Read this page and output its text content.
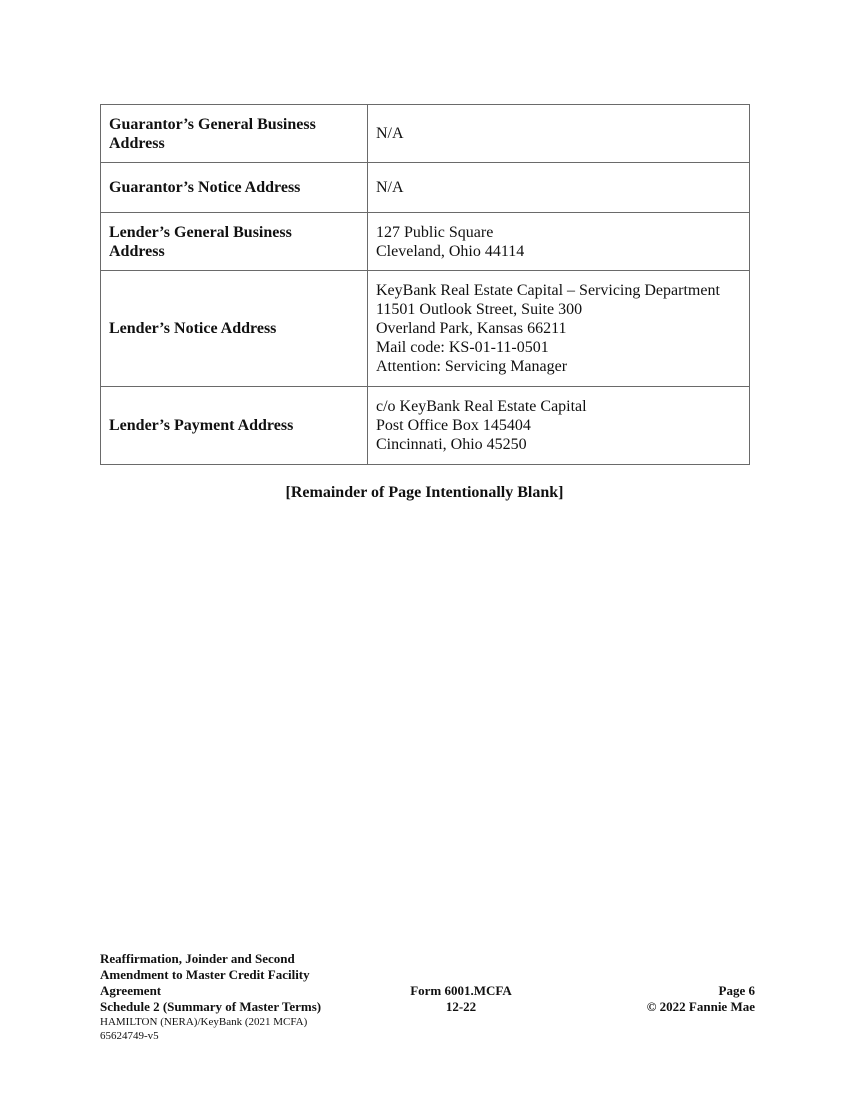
Guarantor’s General Business
Address	N/A

Guarantor’s Notice Address	N/A

Lender’s General Business
Address	127 Public Square
Cleveland, Ohio 44114

Lender’s Notice Address	KeyBank Real Estate Capital – Servicing Department
11501 Outlook Street, Suite 300
Overland Park, Kansas 66211
Mail code: KS-01-11-0501
Attention: Servicing Manager

Lender’s Payment Address	c/o KeyBank Real Estate Capital
Post Office Box 145404
Cincinnati, Ohio 45250
[Remainder of Page Intentionally Blank]
Reaffirmation, Joinder and Second
Amendment to Master Credit Facility
Agreement
Schedule 2 (Summary of Master Terms)
HAMILTON (NERA)/KeyBank (2021 MCFA)
65624749-v5
Form 6001.MCFA
12-22
Page 6
© 2022 Fannie Mae
